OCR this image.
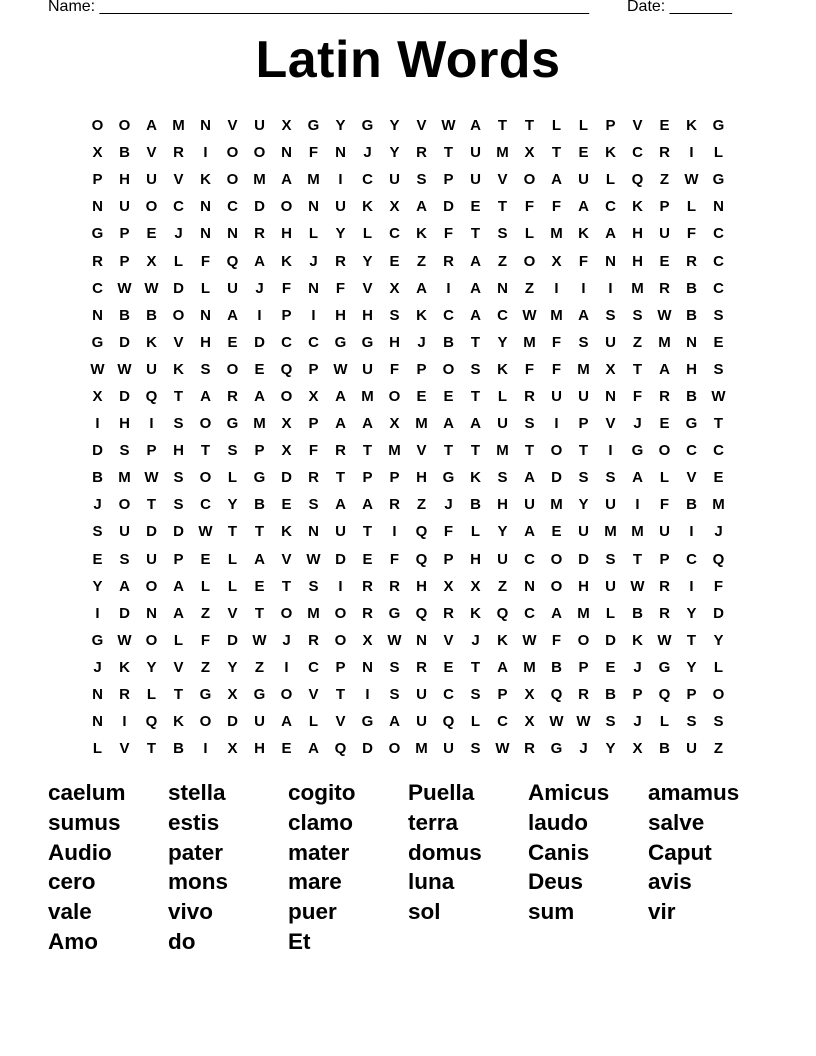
Name: _______________________________________________________ Date: _______
Latin Words
O	O	A	M	N	V	U	X	G	Y	G	Y	V W A	T	T	L	L	P	V	E	K	G
X	B	V	R	I	O	O	N	F	N	J	Y	R	T	U	M	X	T	E	K	C	R	I	L
P	H	U	V	K	O M	A	M	I	C	U	S	P	U	V	O	A	U	L	Q	Z	W G
N	U	O	C	N	C	D	O	N	U	K	X	A	D	E	T	F	F	A	C	K	P	L	N
G	P	E	J	N	N	R	H	L	Y	L	C	K	F	T	S	L	M	K	A	H	U	F	C
R	P	X	L	F	Q	A	K	J	R	Y	E	Z	R	A	Z	O	X	F	N	H	E	R	C
C W W D	L	U	J	F	N	F	V	X	A	I	A	N	Z	I	I	I	M	R	B	C
N	B	B	O	N	A	I	P	I	H	H	S	K	C	A	C W M	A	S	S W B	S
G	D	K	V	H	E	D	C	C	G	G	H	J	B	T	Y	M	F	S	U	Z	M	N	E
W W U	K	S	O	E	Q	P W U	F	P	O	S	K	F	F	M	X	T	A	H	S
X	D	Q	T	A	R	A	O	X	A	M O	E	E	T	L	R	U	U	N	F	R	B W
I	H	I	S	O	G M	X	P	A	A	X	M	A	A	U	S	I	P	V	J	E	G	T
D	S	P	H	T	S	P	X	F	R	T	M	V	T	T	M	T	O	T	I	G	O	C	C
B	M W S	O	L	G	D	R	T	P	P	H	G	K	S	A	D	S	S	A	L	V	E
J	O	T	S	C	Y	B	E	S	A	A	R	Z	J	B	H	U	M	Y	U	I	F	B	M
S	U	D	D W	T	T	K	N	U	T	I	Q	F	L	Y	A	E	U	M M	U	I	J
E	S	U	P	E	L	A	V W D	E	F	Q	P	H	U	C	O	D	S	T	P	C	Q
Y	A	O	A	L	L	E	T	S	I	R	R	H	X	X	Z	N	O	H	U W R	I	F
I	D	N	A	Z	V	T	O M O	R	G	Q	R	K	Q	C	A	M	L	B	R	Y	D
G W O	L	F	D W	J	R	O	X W N	V	J	K W	F	O	D	K W	T	Y
J	K	Y	V	Z	Y	Z	I	C	P	N	S	R	E	T	A	M	B	P	E	J	G	Y	L
N	R	L	T	G	X	G	O	V	T	I	S	U	C	S	P	X	Q	R	B	P	Q	P	O
N	I	Q	K	O	D	U	A	L	V	G	A	U	Q	L	C	X W W S	J	L	S	S
L	V	T	B	I	X	H	E	A	Q	D	O M	U	S W R	G	J	Y	X	B	U	Z
caelum	stella	cogito	Puella	Amicus	amamus
sumus	estis	clamo	terra	laudo	salve
Audio	pater	mater	domus	Canis	Caput
cero	mons	mare	luna	Deus	avis
vale	vivo	puer	sol	sum	vir
Amo	do	Et
